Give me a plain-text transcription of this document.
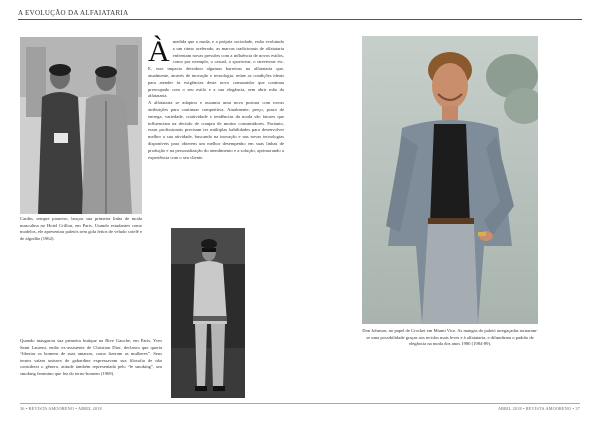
A EVOLUÇÃO DA ALFAIATARIA
Cardin, sempre pioneiro, lançou sua primeira linha de moda masculina no Hotel Crillon, em Paris. Usando estudantes como modelos, ele apresentou paletós sem gola feitos de veludo cotelê e de algodão (1962).
À medida que a moda, e a própria sociedade, estão evoluindo a um ritmo acelerado, as marcas tradicionais de alfaiataria enfrentam novas pressões com a influência de novos estilos, como por exemplo, o casual, o sportwear, o streetwear etc. E, esse impacto derrubou algumas barreiras na alfaiataria que, atualmente, através de inovação e tecnologia, reúne as condições ideais para atender às exigências deste novo consumidor que continua preocupado com o seu estilo e a sua elegância, sem abrir mão da alfaiataria.
A alfaiataria se adaptou e assumiu uma nova postura com novas atribuições para continuar competitiva. Atualmente, preço, prazo de entrega, variedade, criatividade e tendências da moda são fatores que influenciam na decisão de compra de muitos consumidores. Portanto, essas profissionais precisam ter múltiplas habilidades para desenvolver melhor a sua atividade, buscando na inovação e nas novas tecnologias disponíveis para obterem um melhor desempenho em suas linhas de produção e na personalização do atendimento e a solução, aprimorando a experiência com o seu cliente.
Quando inaugurou sua primeira butique na Rive Gauche, em Paris, Yves Saint Laurent, então ex-assistente de Christian Dior, declarou que queria “libertar os homens de suas amarras, como fizeram as mulheres”. Seus ternos saíam unissex de gabardine expressavam sua filosofia de não considerar o gênero, atitude também representada pelo “le smoking”, um smoking feminino que fez do terno-homem (1969).
Don Johnson, no papel de Crocket em Miami Vice. As mangas do paletó arregaçadas tornaram-se uma possibilidade graças aos tecidos mais leves e à alfaiataria, e difundiram o padrão de elegância na moda dos anos 1980 (1984-89).
36 • REVISTA AMOORENO • ABRIL 2018	ABRIL 2018 • REVISTA AMOORENO • 37
